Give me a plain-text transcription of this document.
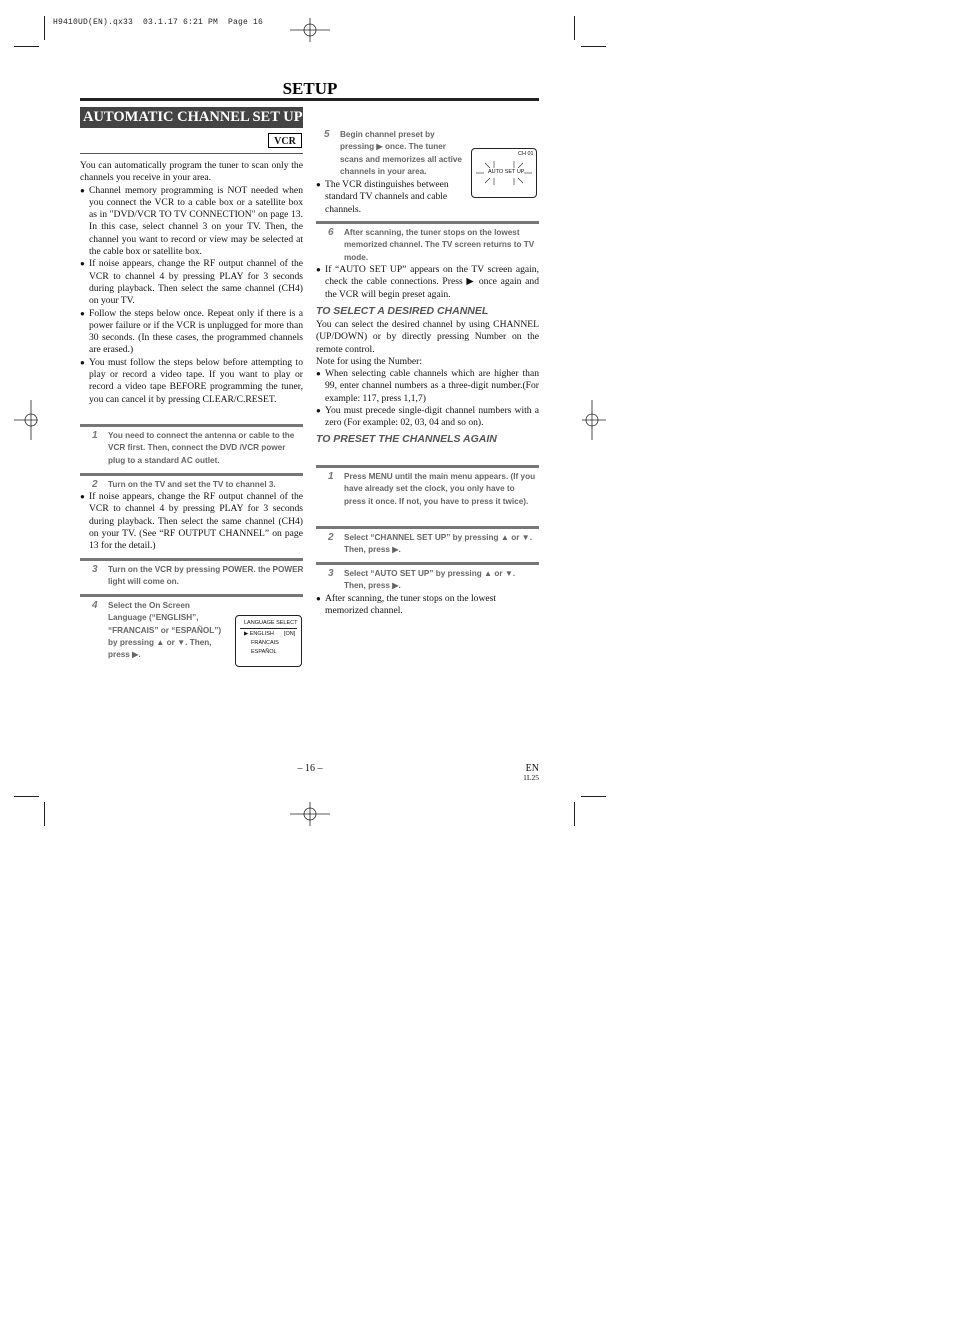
H9410UD(EN).qx33  03.1.17 6:21 PM  Page 16
SETUP
AUTOMATIC CHANNEL SET UP
VCR

You can automatically program the tuner to scan only the channels you receive in your area.

● Channel memory programming is NOT needed when you connect the VCR to a cable box or a satellite box as in "DVD/VCR TO TV CONNECTION" on page 13. In this case, select channel 3 on your TV. Then, the channel you want to record or view may be selected at the cable box or satellite box.
● If noise appears, change the RF output channel of the VCR to channel 4 by pressing PLAY for 3 seconds during playback. Then select the same channel (CH4) on your TV.
● Follow the steps below once. Repeat only if there is a power failure or if the VCR is unplugged for more than 30 seconds. (In these cases, the programmed channels are erased.)
● You must follow the steps below before attempting to play or record a video tape. If you want to play or record a video tape BEFORE programming the tuner, you can cancel it by pressing CLEAR/C.RESET.
1 You need to connect the antenna or cable to the VCR first. Then, connect the DVD /VCR power plug to a standard AC outlet.
2 Turn on the TV and set the TV to channel 3.
● If noise appears, change the RF output channel of the VCR to channel 4 by pressing PLAY for 3 seconds during playback. Then select the same channel (CH4) on your TV. (See “RF OUTPUT CHANNEL” on page 13 for the detail.)
3 Turn on the VCR by pressing POWER. the POWER light will come on.
4 Select the On Screen Language (“ENGLISH”, “FRANCAIS” or “ESPAÑOL”) by pressing ▲ or ▼. Then, press ▶.
LANGUAGE SELECT
▶ ENGLISH [ON]
FRANCAIS
ESPAÑOL
5 Begin channel preset by pressing ▶ once. The tuner scans and memorizes all active channels in your area.
CH 01
AUTO SET UP
● The VCR distinguishes between standard TV channels and cable channels.
6 After scanning, the tuner stops on the lowest memorized channel. The TV screen returns to TV mode.
● If “AUTO SET UP” appears on the TV screen again, check the cable connections. Press ▶ once again and the VCR will begin preset again.
TO SELECT A DESIRED CHANNEL

You can select the desired channel by using CHANNEL (UP/DOWN) or by directly pressing Number on the remote control.

Note for using the Number:

● When selecting cable channels which are higher than 99, enter channel numbers as a three-digit number.(For example: 117, press 1,1,7)
● You must precede single-digit channel numbers with a zero (For example: 02, 03, 04 and so on).
TO PRESET THE CHANNELS AGAIN
1 Press MENU until the main menu appears. (If you have already set the clock, you only have to press it once. If not, you have to press it twice).
2 Select “CHANNEL SET UP” by pressing ▲ or ▼. Then, press ▶.
3 Select “AUTO SET UP” by pressing ▲ or ▼. Then, press ▶.
● After scanning, the tuner stops on the lowest memorized channel.
– 16 –	EN
1L25
